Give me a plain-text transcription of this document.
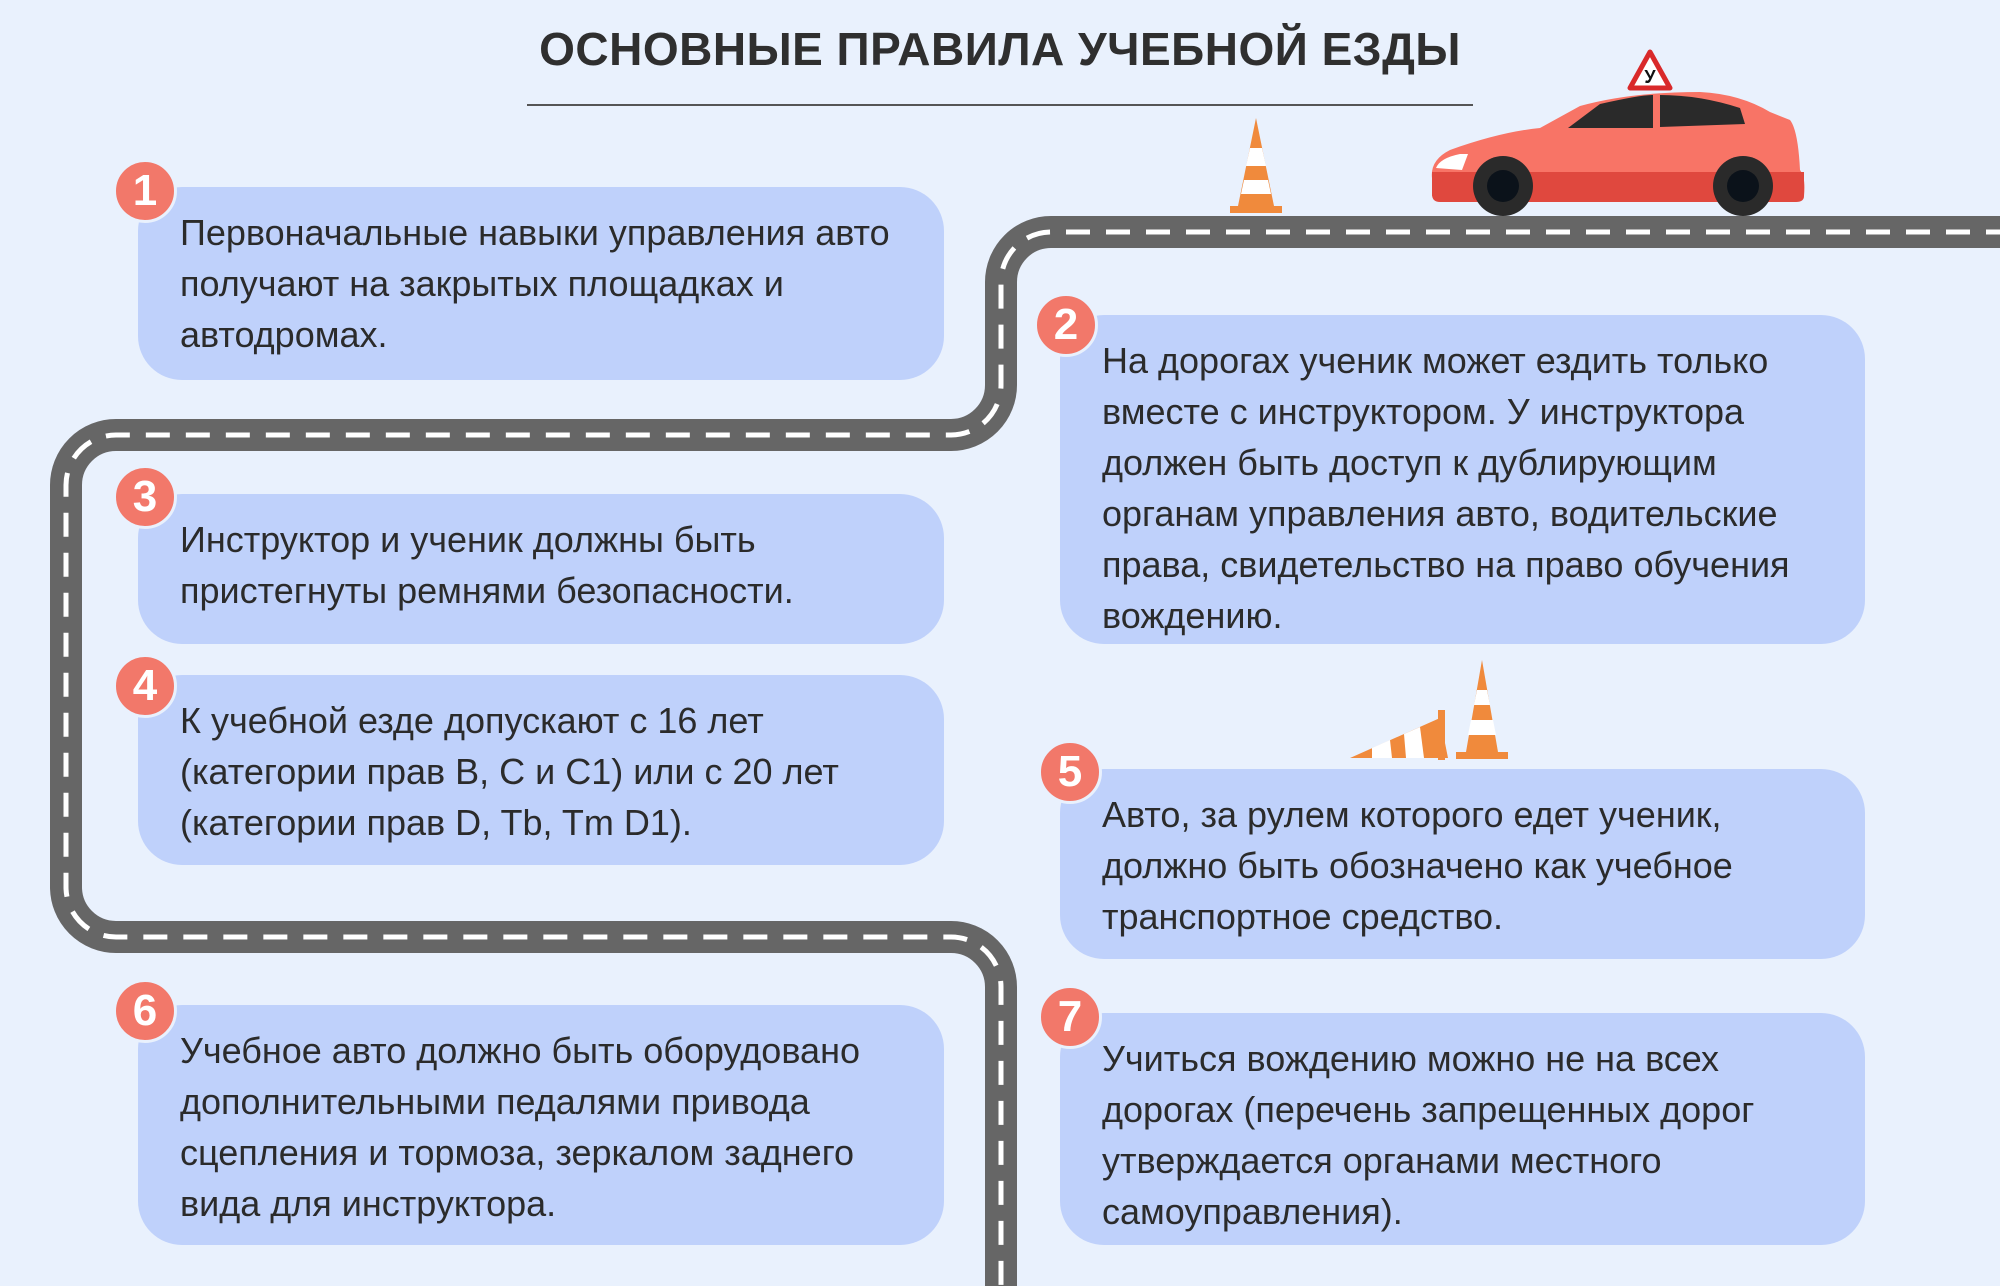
ОСНОВНЫЕ ПРАВИЛА УЧЕБНОЙ ЕЗДЫ
У
Первоначальные навыки управления авто получают на закрытых площадках и автодромах.
1
На дорогах ученик может ездить только вместе с инструктором. У инструктора должен быть доступ к дублирующим органам управления авто, водительские права, свидетельство на право обучения вождению.
2
Инструктор и ученик должны быть пристегнуты ремнями безопасности.
3
К учебной езде допускают с 16 лет (категории прав B, C и C1) или с 20 лет (категории прав D, Tb, Tm D1).
4
Авто, за рулем которого едет ученик, должно быть обозначено как учебное транспортное средство.
5
Учебное авто должно быть оборудовано дополнительными педалями привода сцепления и тормоза, зеркалом заднего вида для инструктора.
6
Учиться вождению можно не на всех дорогах (перечень запрещенных дорог утверждается органами местного самоуправления).
7
